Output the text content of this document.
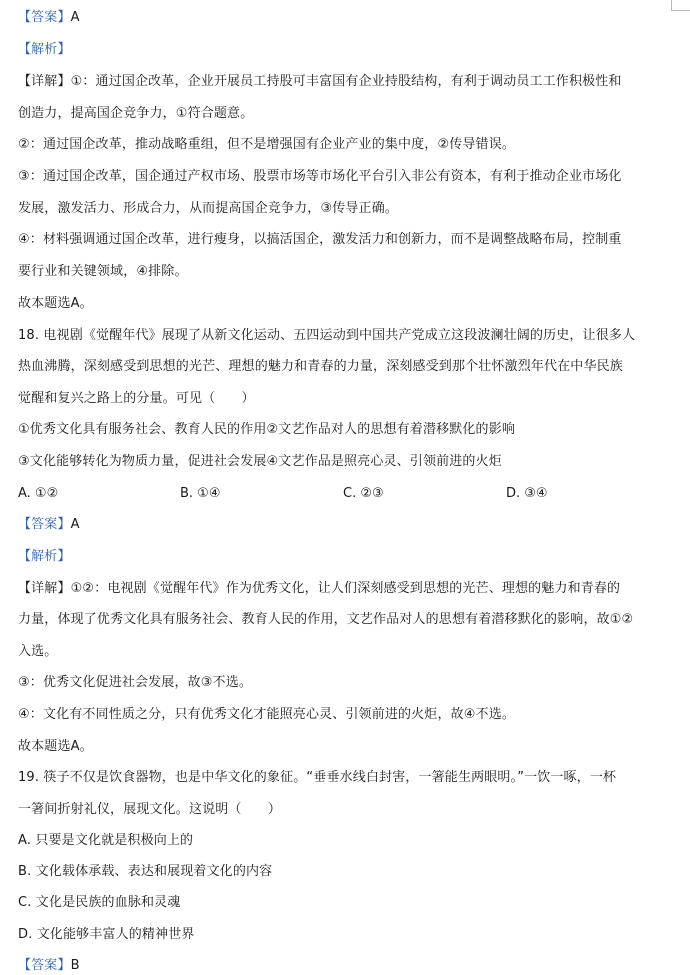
【答案】A
【解析】
【详解】①：通过国企改革，企业开展员工持股可丰富国有企业持股结构，有利于调动员工工作积极性和
创造力，提高国企竞争力，①符合题意。
②：通过国企改革，推动战略重组，但不是增强国有企业产业的集中度，②传导错误。
③：通过国企改革，国企通过产权市场、股票市场等市场化平台引入非公有资本，有利于推动企业市场化
发展，激发活力、形成合力，从而提高国企竞争力，③传导正确。
④：材料强调通过国企改革，进行瘦身，以搞活国企，激发活力和创新力，而不是调整战略布局，控制重
要行业和关键领域，④排除。
故本题选A。
18. 电视剧《觉醒年代》展现了从新文化运动、五四运动到中国共产党成立这段波澜壮阔的历史，让很多人
热血沸腾，深刻感受到思想的光芒、理想的魅力和青春的力量，深刻感受到那个壮怀激烈年代在中华民族
觉醒和复兴之路上的分量。可见（　　）
①优秀文化具有服务社会、教育人民的作用②文艺作品对人的思想有着潜移默化的影响
③文化能够转化为物质力量，促进社会发展④文艺作品是照亮心灵、引领前进的火炬
A. ①②	B. ①④	C. ②③	D. ③④
【答案】A
【解析】
【详解】①②：电视剧《觉醒年代》作为优秀文化，让人们深刻感受到思想的光芒、理想的魅力和青春的
力量，体现了优秀文化具有服务社会、教育人民的作用，文艺作品对人的思想有着潜移默化的影响，故①②
入选。
③：优秀文化促进社会发展，故③不选。
④：文化有不同性质之分，只有优秀文化才能照亮心灵、引领前进的火炬，故④不选。
故本题选A。
19. 筷子不仅是饮食器物，也是中华文化的象征。“垂垂水线白封害，一箸能生两眼明。”一饮一啄，一杯
一箸间折射礼仪，展现文化。这说明（　　）
A. 只要是文化就是积极向上的
B. 文化载体承载、表达和展现着文化的内容
C. 文化是民族的血脉和灵魂
D. 文化能够丰富人的精神世界
【答案】B
